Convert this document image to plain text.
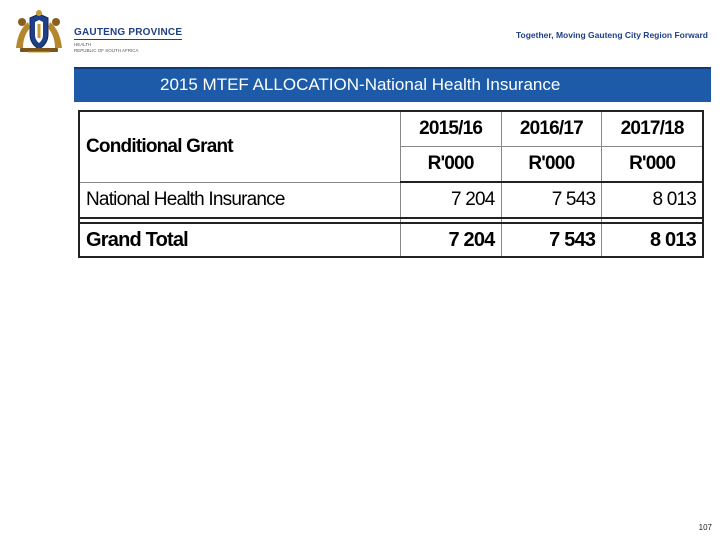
GAUTENG PROVINCE
HEALTH
REPUBLIC OF SOUTH AFRICA
Together, Moving Gauteng City Region Forward
2015 MTEF ALLOCATION-National Health Insurance
Conditional Grant	2015/16	2016/17	2017/18
	R'000	R'000	R'000
National Health Insurance	7 204	7 543	8 013

Grand Total	7 204	7 543	8 013
107
